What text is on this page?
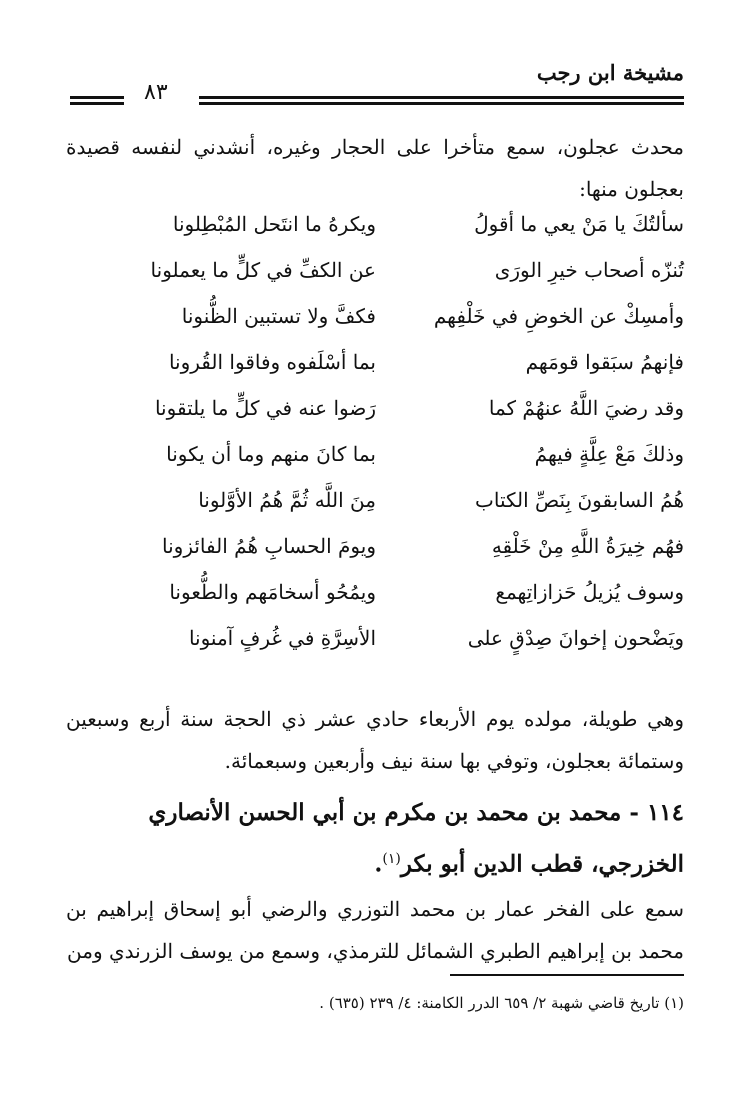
مشيخة ابن رجب
٨٣
محدث عجلون، سمع متأخرا على الحجار وغيره، أنشدني لنفسه قصيدة بعجلون منها:
سألتُكَ يا مَنْ يعي ما أقولُ
ويكرهُ ما انتَحل المُبْطِلونا
تُنزّه أصحاب خيرِ الورَى
عن الكفِّ في كلٍّ ما يعملونا
وأمسِكْ عن الخوضِ في خَلْفِهم
فكفَّ ولا تستبين الظُّنونا
فإنهمُ سبَقوا قومَهم
بما أسْلَفوه وفاقوا القُرونا
وقد رضيَ اللَّهُ عنهُمْ كما
رَضوا عنه في كلٍّ ما يلتقونا
وذلكَ مَعْ عِلَّةٍ فيهمُ
بما كانَ منهم وما أن يكونا
هُمُ السابقونَ بِنَصِّ الكتاب
مِنَ اللَّه ثُمَّ هُمُ الأوَّلونا
فهُم خِيرَةُ اللَّهِ مِنْ خَلْقِهِ
ويومَ الحسابِ هُمُ الفائزونا
وسوف يُزيلُ حَزازاتِهمع
ويمُحُو أسخامَهم والطُّعونا
ويَضْحون إخوانَ صِدْقٍ على
الأسِرَّةِ في غُرفٍ آمنونا
وهي طويلة، مولده يوم الأربعاء حادي عشر ذي الحجة سنة أربع وسبعين وستمائة بعجلون، وتوفي بها سنة نيف وأربعين وسبعمائة.
١١٤ - محمد بن محمد بن مكرم بن أبي الحسن الأنصاري الخزرجي، قطب الدين أبو بكر$^{(١)}$.
سمع على الفخر عمار بن محمد التوزري والرضي أبو إسحاق إبراهيم بن محمد بن إبراهيم الطبري الشمائل للترمذي، وسمع من يوسف الزرندي ومن
(١) تاريخ قاضي شهبة ٢/ ٦٥٩ الدرر الكامنة: ٤/ ٢٣٩ (٦٣٥) .
